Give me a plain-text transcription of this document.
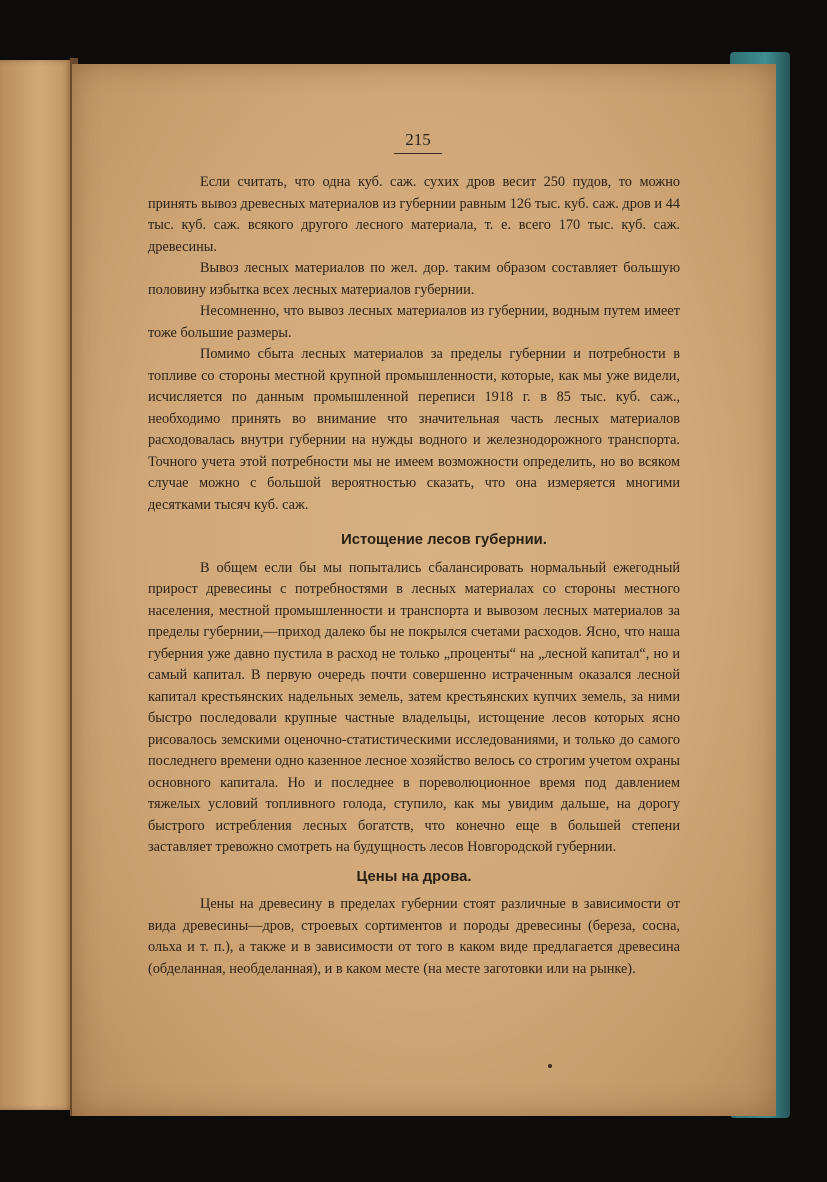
215

Если считать, что одна куб. саж. сухих дров весит 250 пудов, то можно принять вывоз древесных материалов из губернии равным 126 тыс. куб. саж. дров и 44 тыс. куб. саж. всякого другого лесного материала, т. е. всего 170 тыс. куб. саж. древесины.

Вывоз лесных материалов по жел. дор. таким образом составляет большую половину избытка всех лесных материалов губернии.

Несомненно, что вывоз лесных материалов из губернии, водным путем имеет тоже большие размеры.

Помимо сбыта лесных материалов за пределы губернии и потребности в топливе со стороны местной крупной промышленности, которые, как мы уже видели, исчисляется по данным промышленной переписи 1918 г. в 85 тыс. куб. саж., необходимо принять во внимание что значительная часть лесных материалов расходовалась внутри губернии на нужды водного и железнодорожного транспорта. Точного учета этой потребности мы не имеем возможности определить, но во всяком случае можно с большой вероятностью сказать, что она измеряется многими десятками тысяч куб. саж.

Истощение лесов губернии.

В общем если бы мы попытались сбалансировать нормальный ежегодный прирост древесины с потребностями в лесных материалах со стороны местного населения, местной промышленности и транспорта и вывозом лесных материалов за пределы губернии,—приход далеко бы не покрылся счетами расходов. Ясно, что наша губерния уже давно пустила в расход не только „проценты“ на „лесной капитал“, но и самый капитал. В первую очередь почти совершенно истраченным оказался лесной капитал крестьянских надельных земель, затем крестьянских купчих земель, за ними быстро последовали крупные частные владельцы, истощение лесов которых ясно рисовалось земскими оценочно-статистическими исследованиями, и только до самого последнего времени одно казенное лесное хозяйство велось со строгим учетом охраны основного капитала. Но и последнее в пореволюционное время под давлением тяжелых условий топливного голода, ступило, как мы увидим дальше, на дорогу быстрого истребления лесных богатств, что конечно еще в большей степени заставляет тревожно смотреть на будущность лесов Новгородской губернии.

Цены на дрова.

Цены на древесину в пределах губернии стоят различные в зависимости от вида древесины—дров, строевых сортиментов и породы древесины (береза, сосна, ольха и т. п.), а также и в зависимости от того в каком виде предлагается древесина (обделанная, необделанная), и в каком месте (на месте заготовки или на рынке).
